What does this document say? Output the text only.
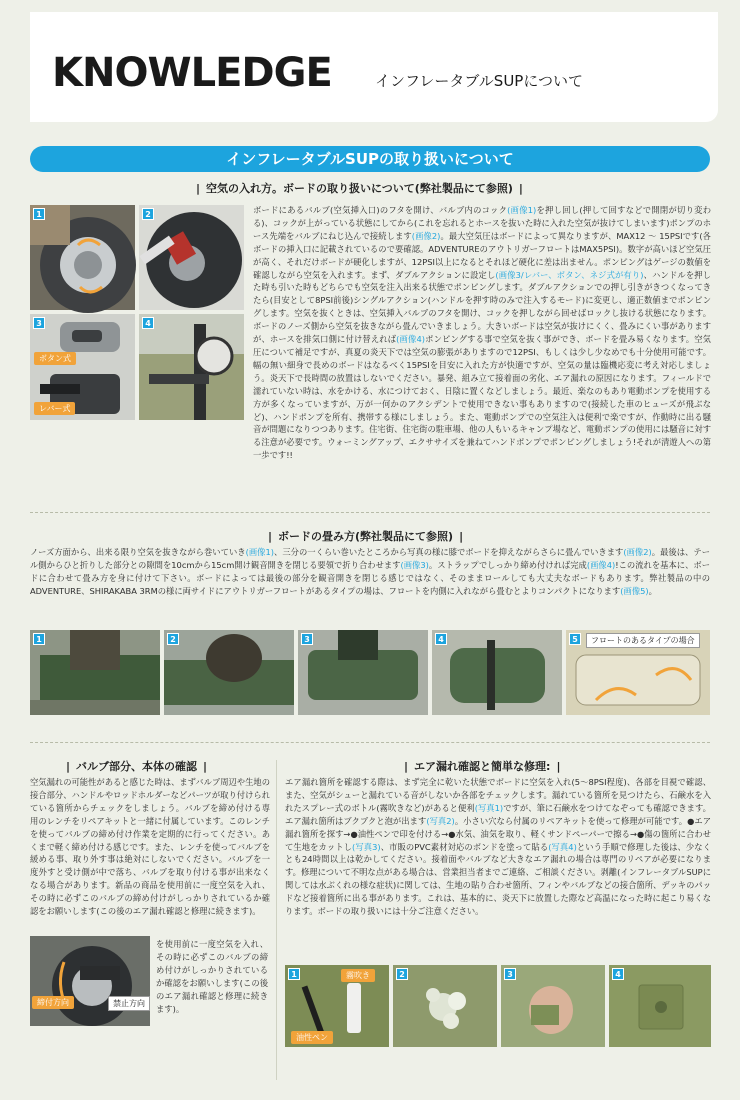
KNOWLEDGE	インフレータブルSUPについて
インフレータブルSUPの取り扱いについて
| 空気の入れ方。ボードの取り扱いについて(弊社製品にて参照) |
1	2
3
ボタン式
レバー式
4
ボードにあるバルブ(空気挿入口)のフタを開け、バルブ内のコック(画像1)を押し回し(押して回すなどで開閉が切り変わる)、コックが上がっている状態にしてから(これを忘れるとホースを抜いた時に入れた空気が抜けてしまいます)ポンプのホース先端をバルブにねじ込んで接続します(画像2)。最大空気圧はボードによって異なりますが、MAX12 〜 15PSIです(各ボードの挿入口に記載されているので要確認。ADVENTUREのアウトリガーフロートはMAX5PSI)。数字が高いほど空気圧が高く、それだけボードが硬化しますが、12PSI以上になるとそれほど硬化に差は出ません。ポンピングはゲージの数値を確認しながら空気を入れます。まず、ダブルアクションに設定し(画像3/レバー、ボタン、ネジ式が有り)、ハンドルを押した時も引いた時もどちらでも空気を注入出来る状態でポンピングします。ダブルアクションでの押し引きがきつくなってきたら(目安として8PSI前後)シングルアクション(ハンドルを押す時のみで注入するモード)に変更し、適正数値までポンピングします。空気を抜くときは、空気挿入バルブのフタを開け、コックを押しながら回せばロックし抜ける状態になります。ボードのノーズ側から空気を抜きながら畳んでいきましょう。大きいボードは空気が抜けにくく、畳みにくい事がありますが、ホースを排気口側に付け替えれば(画像4)ポンピングする事で空気を抜く事ができ、ボードを畳み易くなります。空気圧について補足ですが、真夏の炎天下では空気の膨張がありますので12PSI、もしくは少し少なめでも十分使用可能です。幅の無い細身で長めのボードはなるべく15PSIを目安に入れた方が快適ですが、空気の量は臨機応変に考え対応しましょう。炎天下で長時間の放置はしないでください。暴発、組み立て接着面の劣化、エア漏れの原因になります。フィールドで濡れていない時は、水をかける、水につけておく、日陰に置くなどしましょう。最近、楽なのもあり電動ポンプを使用する方が多くなっていますが、万が一何かのアクシデントで使用できない事もありますので(接続した車のヒューズが飛ぶなど)、ハンドポンプを所有、携帯する様にしましょう。また、電動ポンプでの空気注入は便利で楽ですが、作動時に出る騒音が問題になりつつあります。住宅街、住宅街の駐車場、他の人もいるキャンプ場など、電動ポンプの使用には騒音に対する注意が必要です。ウォーミングアップ、エクササイズを兼ねてハンドポンプでポンピングしましょう!それが清遊人への第一歩です!!
| ボードの畳み方(弊社製品にて参照) |
ノーズ方面から、出来る限り空気を抜きながら巻いていき(画像1)、三分の一くらい巻いたところから写真の様に膝でボードを抑えながらさらに畳んでいきます(画像2)。最後は、テール側からひと折りした部分との隙間を10cmから15cm開け観音開きを閉じる要領で折り合わせます(画像3)。ストラップでしっかり締め付ければ完成(画像4)!この流れを基本に、ボードに合わせて畳み方を身に付けて下さい。ボードによっては最後の部分を観音開きを閉じる感じではなく、そのままロールしても大丈夫なボードもあります。弊社製品の中のADVENTURE、SHIRAKABA 3RMの様に両サイドにアウトリガーフロートがあるタイプの場は、フロートを内側に入れながら畳むとよりコンパクトになります(画像5)。
1	2	3	4	5	フロートのあるタイプの場合
| バルブ部分、本体の確認 |
空気漏れの可能性があると感じた時は、まずバルブ周辺や生地の接合部分、ハンドルやロッドホルダーなどパーツが取り付けられている箇所からチェックをしましょう。バルブを締め付ける専用のレンチをリペアキットと一緒に付属しています。このレンチを使ってバルブの締め付け作業を定期的に行ってください。あくまで軽く締め付ける感じです。また、レンチを使ってバルブを緩める事、取り外す事は絶対にしないでください。バルブを一度外すと受け側が中で落ち、バルブを取り付ける事が出来なくなる場合があります。新品の商品を使用前に一度空気を入れ、その時に必ずこのバルブの締め付けがしっかりされているか確認をお願いします(この後のエア漏れ確認と修理に続きます)。
締付方向	禁止方向
を使用前に一度空気を入れ、その時に必ずこのバルブの締め付けがしっかりされているか確認をお願いします(この後のエア漏れ確認と修理に続きます)。
| エア漏れ確認と簡単な修理: |
エア漏れ箇所を確認する際は、まず完全に乾いた状態でボードに空気を入れ(5〜8PSI程度)、各部を目視で確認、また、空気がシューと漏れている音がしないか各部をチェックします。漏れている箇所を見つけたら、石鹸水を入れたスプレー式のボトル(霧吹きなど)があると便利(写真1)ですが、筆に石鹸水をつけてなぞっても確認できます。エア漏れ箇所はブクブクと泡が出ます(写真2)。小さい穴なら付属のリペアキットを使って修理が可能です。●エア漏れ箇所を探す→●油性ペンで印を付ける→●水気、油気を取り、軽くサンドペーパーで擦る→●傷の箇所に合わせて生地をカットし(写真3)、市販のPVC素材対応のボンドを塗って貼る(写真4)という手順で修理した後は、少なくとも24時間以上は乾かしてください。接着面やバルブなど大きなエア漏れの場合は専門のリペアが必要になります。修理について不明な点がある場合は、営業担当者までご連絡、ご相談ください。剥離(インフレータブルSUPに関しては水ぶくれの様な症状)に関しては、生地の貼り合わせ箇所、フィンやバルブなどの接合箇所、デッキのパッドなど接着箇所に出る事があります。これは、基本的に、炎天下に放置した際など高温になった時に起こり易くなります。ボードの取り扱いには十分ご注意ください。
1	霧吹き
油性ペン
2	3	4
